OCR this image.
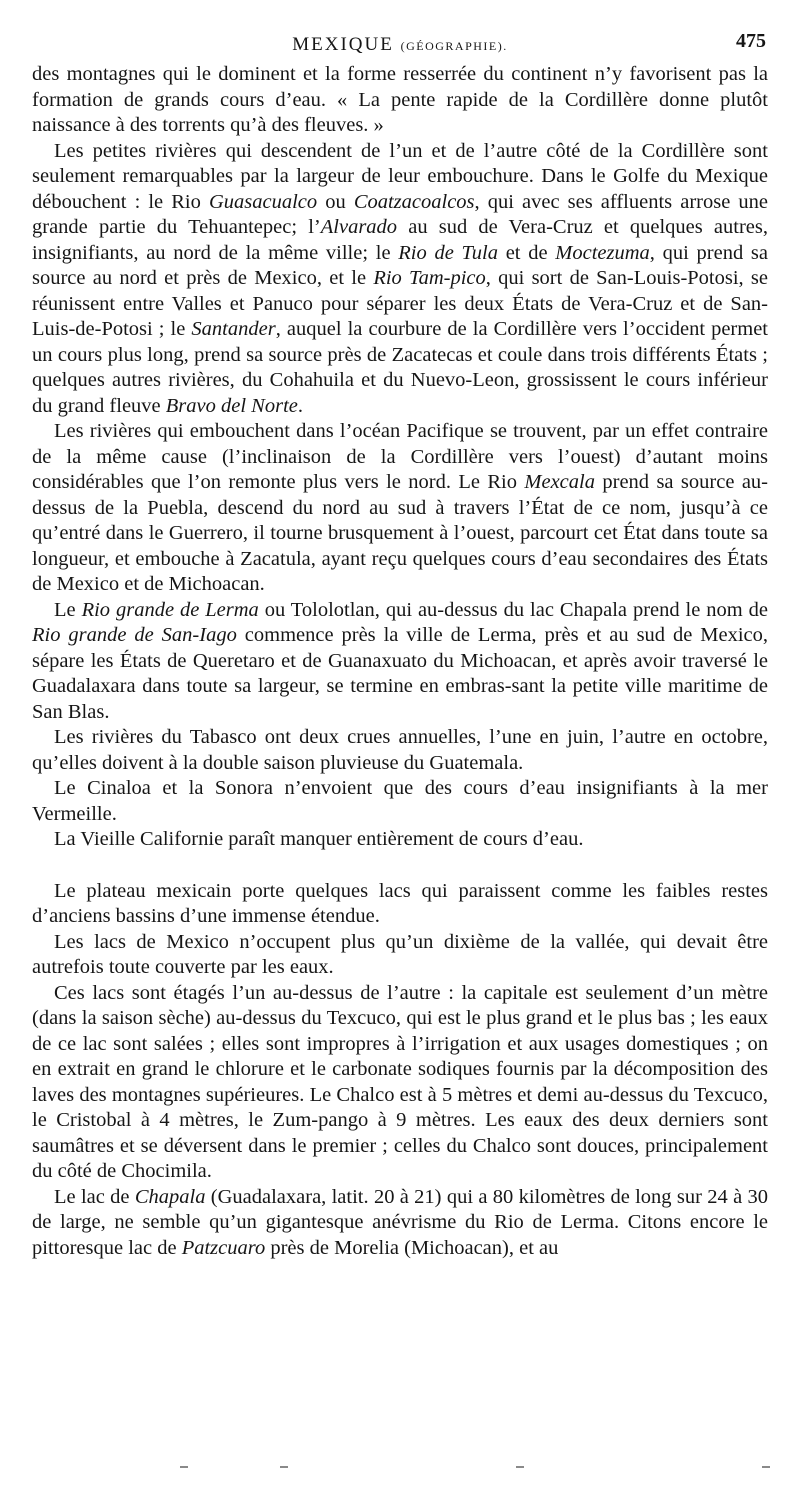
MEXIQUE (GÉOGRAPHIE).	475

des montagnes qui le dominent et la forme resserrée du continent n’y favorisent pas la formation de grands cours d’eau. « La pente rapide de la Cordillère donne plutôt naissance à des torrents qu’à des fleuves. »

Les petites rivières qui descendent de l’un et de l’autre côté de la Cordillère sont seulement remarquables par la largeur de leur embouchure. Dans le Golfe du Mexique débouchent : le Rio Guasacualco ou Coatzacoalcos, qui avec ses affluents arrose une grande partie du Tehuantepec; l’Alvarado au sud de Vera-Cruz et quelques autres, insignifiants, au nord de la même ville; le Rio de Tula et de Moctezuma, qui prend sa source au nord et près de Mexico, et le Rio Tam-pico, qui sort de San-Louis-Potosi, se réunissent entre Valles et Panuco pour séparer les deux États de Vera-Cruz et de San-Luis-de-Potosi ; le Santander, auquel la courbure de la Cordillère vers l’occident permet un cours plus long, prend sa source près de Zacatecas et coule dans trois différents États ; quelques autres rivières, du Cohahuila et du Nuevo-Leon, grossissent le cours inférieur du grand fleuve Bravo del Norte.

Les rivières qui embouchent dans l’océan Pacifique se trouvent, par un effet contraire de la même cause (l’inclinaison de la Cordillère vers l’ouest) d’autant moins considérables que l’on remonte plus vers le nord. Le Rio Mexcala prend sa source au-dessus de la Puebla, descend du nord au sud à travers l’État de ce nom, jusqu’à ce qu’entré dans le Guerrero, il tourne brusquement à l’ouest, parcourt cet État dans toute sa longueur, et embouche à Zacatula, ayant reçu quelques cours d’eau secondaires des États de Mexico et de Michoacan.

Le Rio grande de Lerma ou Tololotlan, qui au-dessus du lac Chapala prend le nom de Rio grande de San-Iago commence près la ville de Lerma, près et au sud de Mexico, sépare les États de Queretaro et de Guanaxuato du Michoacan, et après avoir traversé le Guadalaxara dans toute sa largeur, se termine en embras-sant la petite ville maritime de San Blas.

Les rivières du Tabasco ont deux crues annuelles, l’une en juin, l’autre en octobre, qu’elles doivent à la double saison pluvieuse du Guatemala.

Le Cinaloa et la Sonora n’envoient que des cours d’eau insignifiants à la mer Vermeille.

La Vieille Californie paraît manquer entièrement de cours d’eau.

Le plateau mexicain porte quelques lacs qui paraissent comme les faibles restes d’anciens bassins d’une immense étendue.

Les lacs de Mexico n’occupent plus qu’un dixième de la vallée, qui devait être autrefois toute couverte par les eaux.

Ces lacs sont étagés l’un au-dessus de l’autre : la capitale est seulement d’un mètre (dans la saison sèche) au-dessus du Texcuco, qui est le plus grand et le plus bas ; les eaux de ce lac sont salées ; elles sont impropres à l’irrigation et aux usages domestiques ; on en extrait en grand le chlorure et le carbonate sodiques fournis par la décomposition des laves des montagnes supérieures. Le Chalco est à 5 mètres et demi au-dessus du Texcuco, le Cristobal à 4 mètres, le Zum-pango à 9 mètres. Les eaux des deux derniers sont saumâtres et se déversent dans le premier ; celles du Chalco sont douces, principalement du côté de Chocimila.

Le lac de Chapala (Guadalaxara, latit. 20 à 21) qui a 80 kilomètres de long sur 24 à 30 de large, ne semble qu’un gigantesque anévrisme du Rio de Lerma. Citons encore le pittoresque lac de Patzcuaro près de Morelia (Michoacan), et au
